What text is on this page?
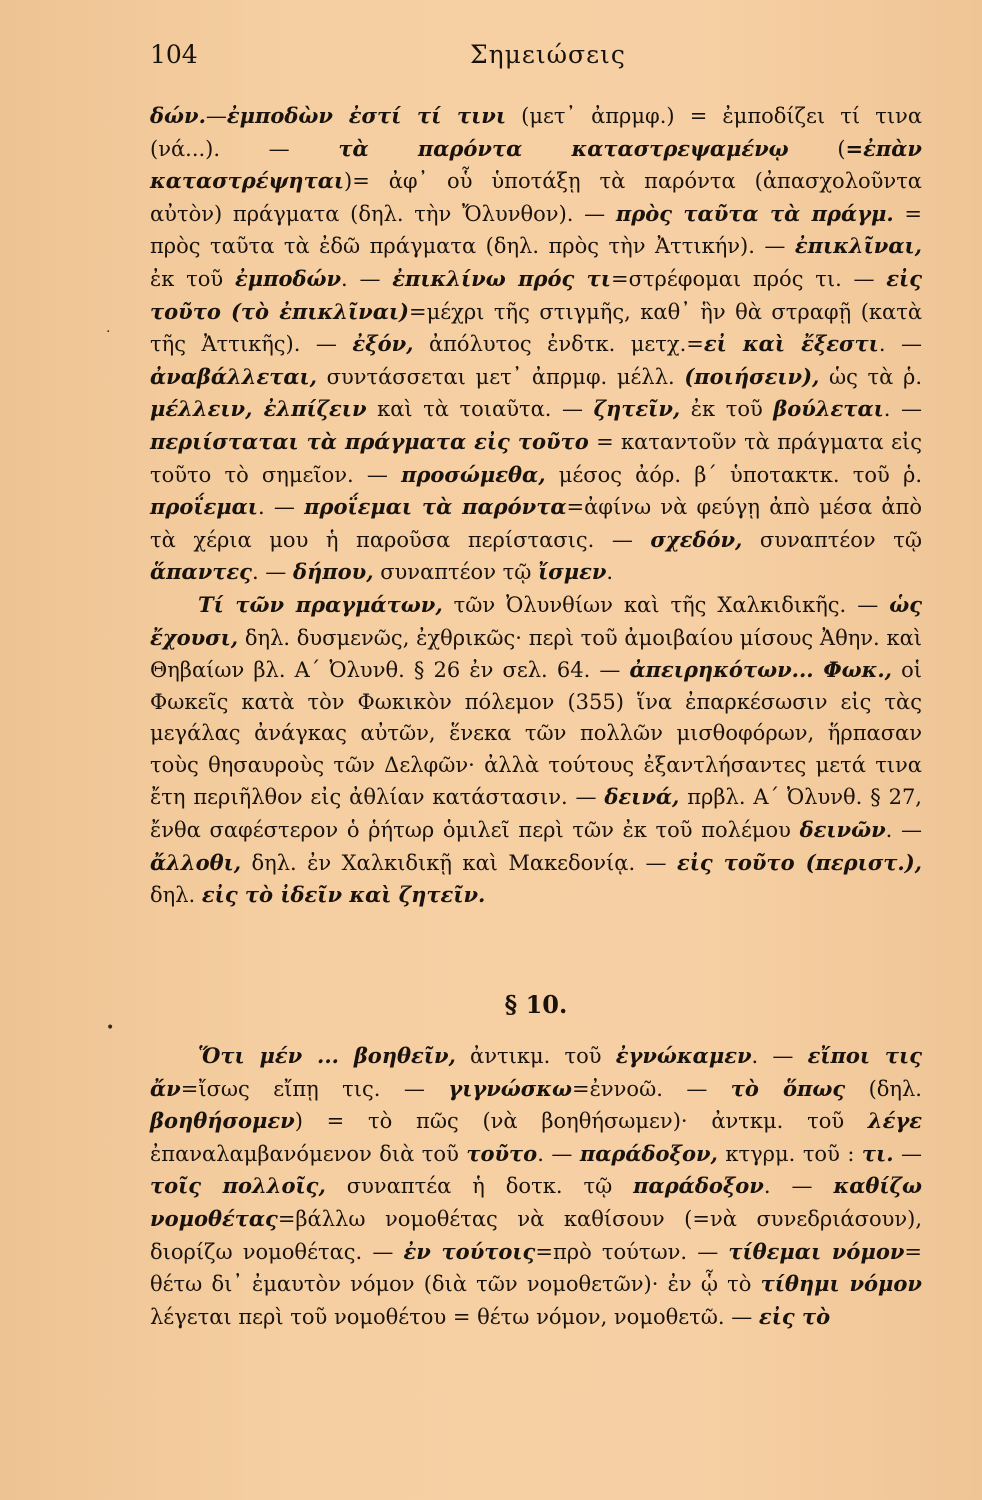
104	Σημειώσεις

δών.—ἐμποδὼν ἐστί τί τινι (μετ᾽ ἀπρμφ.) = ἐμποδίζει τί τινα (νά...). — τὰ παρόντα καταστρεψαμένῳ (=ἐπὰν καταστρέψηται)= ἀφ᾽ οὗ ὑποτάξῃ τὰ παρόντα (ἀπασχολοῦντα αὐτὸν) πράγματα (δηλ. τὴν Ὄλυνθον). — πρὸς ταῦτα τὰ πράγμ. = πρὸς ταῦτα τὰ ἐδῶ πράγματα (δηλ. πρὸς τὴν Ἀττικήν). — ἐπικλῖναι, ἐκ τοῦ ἐμποδών. — ἐπικλίνω πρός τι=στρέφομαι πρός τι. — εἰς τοῦτο (τὸ ἐπικλῖναι)=μέχρι τῆς στιγμῆς, καθ᾽ ἣν θὰ στραφῇ (κατὰ τῆς Ἀττικῆς). — ἐξόν, ἀπόλυτος ἐνδτκ. μετχ.=εἰ καὶ ἔξεστι. — ἀναβάλλεται, συντάσσεται μετ᾽ ἀπρμφ. μέλλ. (ποιήσειν), ὡς τὰ ῥ. μέλλειν, ἐλπίζειν καὶ τὰ τοιαῦτα. — ζητεῖν, ἐκ τοῦ βούλεται. — περιίσταται τὰ πράγματα εἰς τοῦτο = καταντοῦν τὰ πράγματα εἰς τοῦτο τὸ σημεῖον. — προσώμεθα, μέσος ἀόρ. β΄ ὑποτακτκ. τοῦ ῥ. προΐεμαι. — προΐεμαι τὰ παρόντα=ἀφίνω νὰ φεύγῃ ἀπὸ μέσα ἀπὸ τὰ χέρια μου ἡ παροῦσα περίστασις. — σχεδόν, συναπτέον τῷ ἅπαντες. — δήπου, συναπτέον τῷ ἴσμεν.

Τί τῶν πραγμάτων, τῶν Ὀλυνθίων καὶ τῆς Χαλκιδικῆς. — ὡς ἔχουσι, δηλ. δυσμενῶς, ἐχθρικῶς· περὶ τοῦ ἀμοιβαίου μίσους Ἀθην. καὶ Θηβαίων βλ. Α΄ Ὀλυνθ. § 26 ἐν σελ. 64. — ἀπειρηκότων... Φωκ., οἱ Φωκεῖς κατὰ τὸν Φωκικὸν πόλεμον (355) ἵνα ἐπαρκέσωσιν εἰς τὰς μεγάλας ἀνάγκας αὐτῶν, ἕνεκα τῶν πολλῶν μισθοφόρων, ἥρπασαν τοὺς θησαυροὺς τῶν Δελφῶν· ἀλλὰ τούτους ἐξαντλήσαντες μετά τινα ἔτη περιῆλθον εἰς ἀθλίαν κατάστασιν. — δεινά, πρβλ. Α΄ Ὀλυνθ. § 27, ἔνθα σαφέστερον ὁ ῥήτωρ ὁμιλεῖ περὶ τῶν ἐκ τοῦ πολέμου δεινῶν. — ἄλλοθι, δηλ. ἐν Χαλκιδικῇ καὶ Μακεδονίᾳ. — εἰς τοῦτο (περιστ.), δηλ. εἰς τὸ ἰδεῖν καὶ ζητεῖν.

.
•
§ 10.

Ὅτι μέν ... βοηθεῖν, ἀντικμ. τοῦ ἐγνώκαμεν. — εἴποι τις ἄν=ἴσως εἴπῃ τις. — γιγνώσκω=ἐννοῶ. — τὸ ὅπως (δηλ. βοηθήσομεν) = τὸ πῶς (νὰ βοηθήσωμεν)· ἀντκμ. τοῦ λέγε ἐπαναλαμβανόμενον διὰ τοῦ τοῦτο. — παράδοξον, κτγρμ. τοῦ : τι. — τοῖς πολλοῖς, συναπτέα ἡ δοτκ. τῷ παράδοξον. — καθίζω νομοθέτας=βάλλω νομοθέτας νὰ καθίσουν (=νὰ συνεδριάσουν), διορίζω νομοθέτας. — ἐν τούτοις=πρὸ τούτων. — τίθεμαι νόμον= θέτω δι᾽ ἐμαυτὸν νόμον (διὰ τῶν νομοθετῶν)· ἐν ᾧ τὸ τίθημι νόμον λέγεται περὶ τοῦ νομοθέτου = θέτω νόμον, νομοθετῶ. — εἰς τὸ
